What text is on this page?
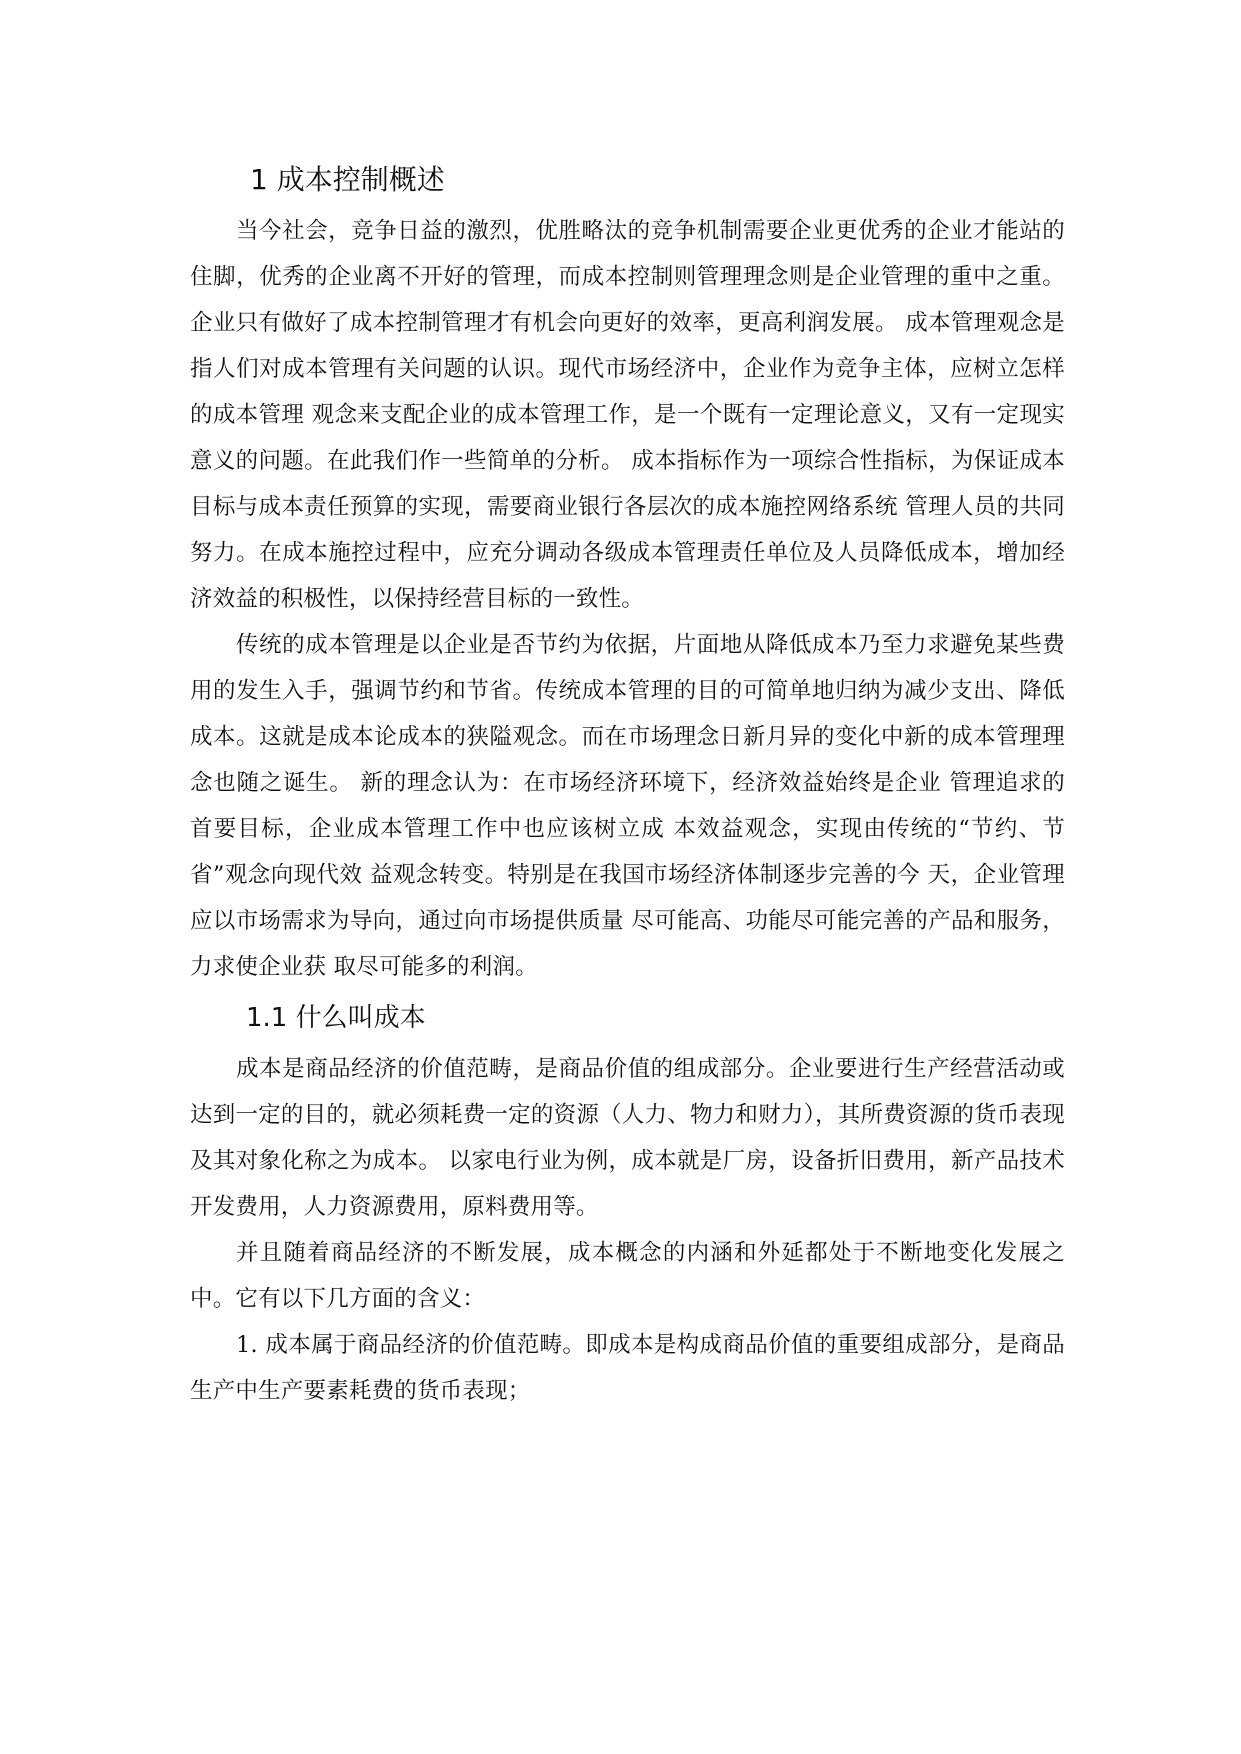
1 成本控制概述

当今社会，竞争日益的激烈，优胜略汰的竞争机制需要企业更优秀的企业才能站的住脚，优秀的企业离不开好的管理，而成本控制则管理理念则是企业管理的重中之重。企业只有做好了成本控制管理才有机会向更好的效率，更高利润发展。 成本管理观念是指人们对成本管理有关问题的认识。现代市场经济中，企业作为竞争主体，应树立怎样的成本管理 观念来支配企业的成本管理工作，是一个既有一定理论意义，又有一定现实意义的问题。在此我们作一些简单的分析。 成本指标作为一项综合性指标，为保证成本目标与成本责任预算的实现，需要商业银行各层次的成本施控网络系统 管理人员的共同努力。在成本施控过程中，应充分调动各级成本管理责任单位及人员降低成本，增加经济效益的积极性，以保持经营目标的一致性。

传统的成本管理是以企业是否节约为依据，片面地从降低成本乃至力求避免某些费用的发生入手，强调节约和节省。传统成本管理的目的可简单地归纳为减少支出、降低成本。这就是成本论成本的狭隘观念。而在市场理念日新月异的变化中新的成本管理理念也随之诞生。 新的理念认为：在市场经济环境下，经济效益始终是企业 管理追求的首要目标，企业成本管理工作中也应该树立成 本效益观念，实现由传统的“节约、节省”观念向现代效 益观念转变。特别是在我国市场经济体制逐步完善的今 天，企业管理应以市场需求为导向，通过向市场提供质量 尽可能高、功能尽可能完善的产品和服务，力求使企业获 取尽可能多的利润。

1.1 什么叫成本

成本是商品经济的价值范畴，是商品价值的组成部分。企业要进行生产经营活动或达到一定的目的，就必须耗费一定的资源（人力、物力和财力），其所费资源的货币表现及其对象化称之为成本。 以家电行业为例，成本就是厂房，设备折旧费用，新产品技术开发费用，人力资源费用，原料费用等。

并且随着商品经济的不断发展，成本概念的内涵和外延都处于不断地变化发展之中。它有以下几方面的含义：

1. 成本属于商品经济的价值范畴。即成本是构成商品价值的重要组成部分，是商品生产中生产要素耗费的货币表现；
